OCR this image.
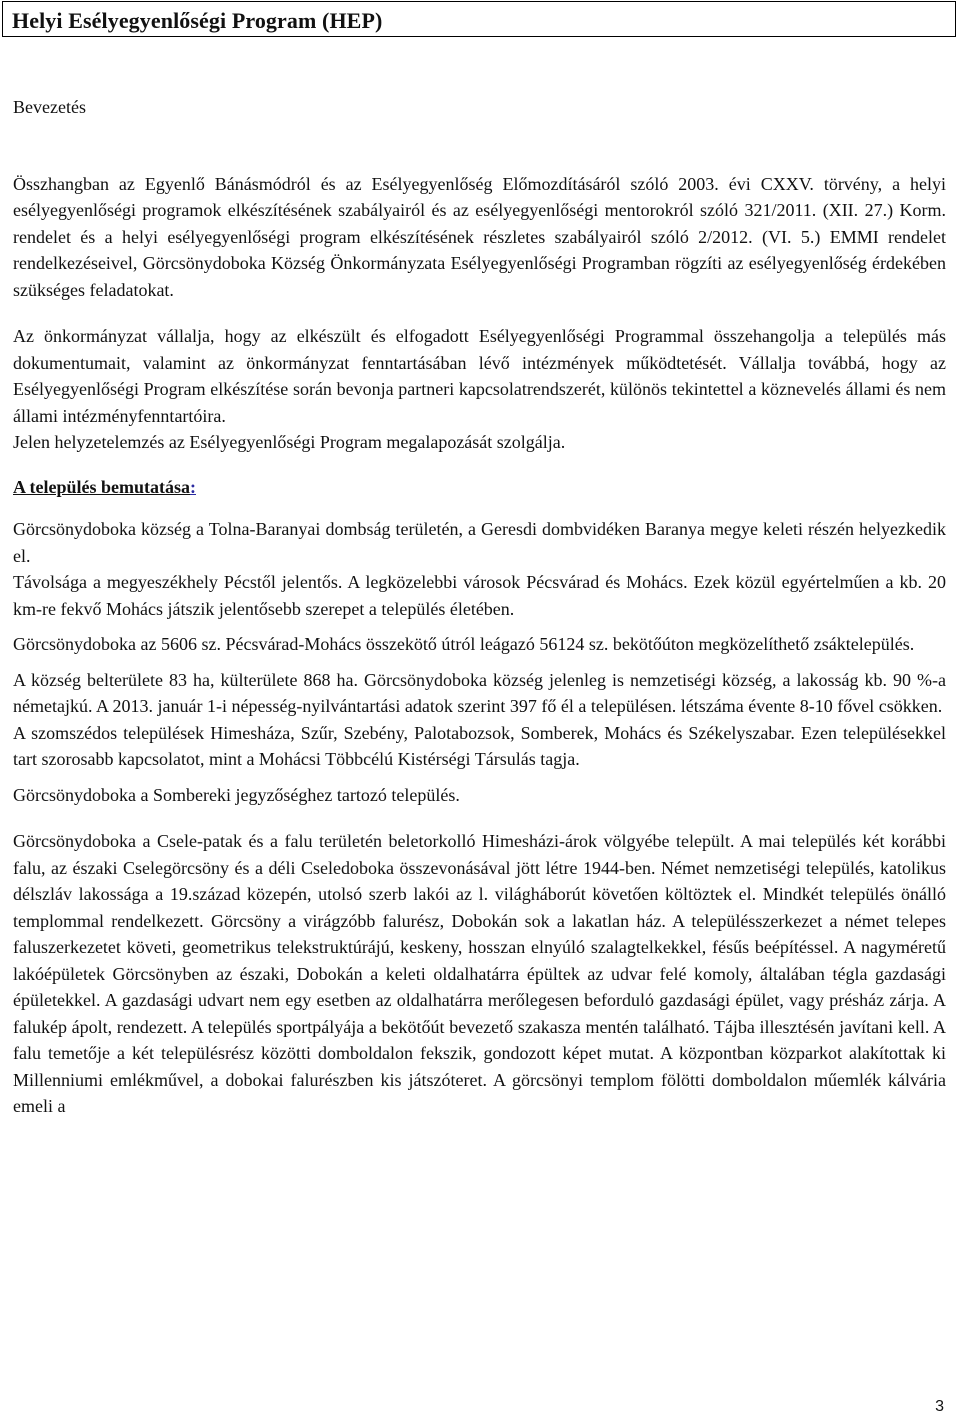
Helyi Esélyegyenlőségi Program (HEP)

Bevezetés

Összhangban az Egyenlő Bánásmódról és az Esélyegyenlőség Előmozdításáról szóló 2003. évi CXXV. törvény, a helyi esélyegyenlőségi programok elkészítésének szabályairól és az esélyegyenlőségi mentorokról szóló 321/2011. (XII. 27.) Korm. rendelet és a helyi esélyegyenlőségi program elkészítésének részletes szabályairól szóló 2/2012. (VI. 5.) EMMI rendelet rendelkezéseivel, Görcsönydoboka Község Önkormányzata Esélyegyenlőségi Programban rögzíti az esélyegyenlőség érdekében szükséges feladatokat.

Az önkormányzat vállalja, hogy az elkészült és elfogadott Esélyegyenlőségi Programmal összehangolja a település más dokumentumait, valamint az önkormányzat fenntartásában lévő intézmények működtetését. Vállalja továbbá, hogy az Esélyegyenlőségi Program elkészítése során bevonja partneri kapcsolatrendszerét, különös tekintettel a köznevelés állami és nem állami intézményfenntartóira.

Jelen helyzetelemzés az Esélyegyenlőségi Program megalapozását szolgálja.

A település bemutatása:

Görcsönydoboka község a Tolna-Baranyai dombság területén, a Geresdi dombvidéken Baranya megye keleti részén helyezkedik el.

Távolsága a megyeszékhely Pécstől jelentős. A legközelebbi városok Pécsvárad és Mohács. Ezek közül egyértelműen a kb. 20 km-re fekvő Mohács játszik jelentősebb szerepet a település életében.

Görcsönydoboka az 5606 sz. Pécsvárad-Mohács összekötő útról leágazó 56124 sz. bekötőúton megközelíthető zsáktelepülés.

A község belterülete 83 ha, külterülete 868 ha. Görcsönydoboka község jelenleg is nemzetiségi község, a lakosság kb. 90 %-a németajkú. A 2013. január 1-i népesség-nyilvántartási adatok szerint 397 fő él a településen. létszáma évente 8-10 fővel csökken.

A szomszédos települések Himesháza, Szűr, Szebény, Palotabozsok, Somberek, Mohács és Székelyszabar. Ezen településekkel tart szorosabb kapcsolatot, mint a Mohácsi Többcélú Kistérségi Társulás tagja.

Görcsönydoboka a Sombereki jegyzőséghez tartozó település.

Görcsönydoboka a Csele-patak és a falu területén beletorkolló Himesházi-árok völgyébe települt. A mai település két korábbi falu, az északi Cselegörcsöny és a déli Cseledoboka összevonásával jött létre 1944-ben. Német nemzetiségi település, katolikus délszláv lakossága a 19.század közepén, utolsó szerb lakói az l. világháborút követően költöztek el. Mindkét település önálló templommal rendelkezett. Görcsöny a virágzóbb falurész, Dobokán sok a lakatlan ház. A településszerkezet a német telepes faluszerkezetet követi, geometrikus telekstruktúrájú, keskeny, hosszan elnyúló szalagtelkekkel, fésűs beépítéssel. A nagyméretű lakóépületek Görcsönyben az északi, Dobokán a keleti oldalhatárra épültek az udvar felé komoly, általában tégla gazdasági épületekkel. A gazdasági udvart nem egy esetben az oldalhatárra merőlegesen befordulό gazdasági épület, vagy présház zárja. A falukép ápolt, rendezett. A település sportpályája a bekötőút bevezető szakasza mentén található. Tájba illesztésén javítani kell. A falu temetője a két településrész közötti domboldalon fekszik, gondozott képet mutat. A központban közparkot alakítottak ki Millenniumi emlékművel, a dobokai falurészben kis játszóteret. A görcsönyi templom fölötti domboldalon műemlék kálvária emeli a

3
